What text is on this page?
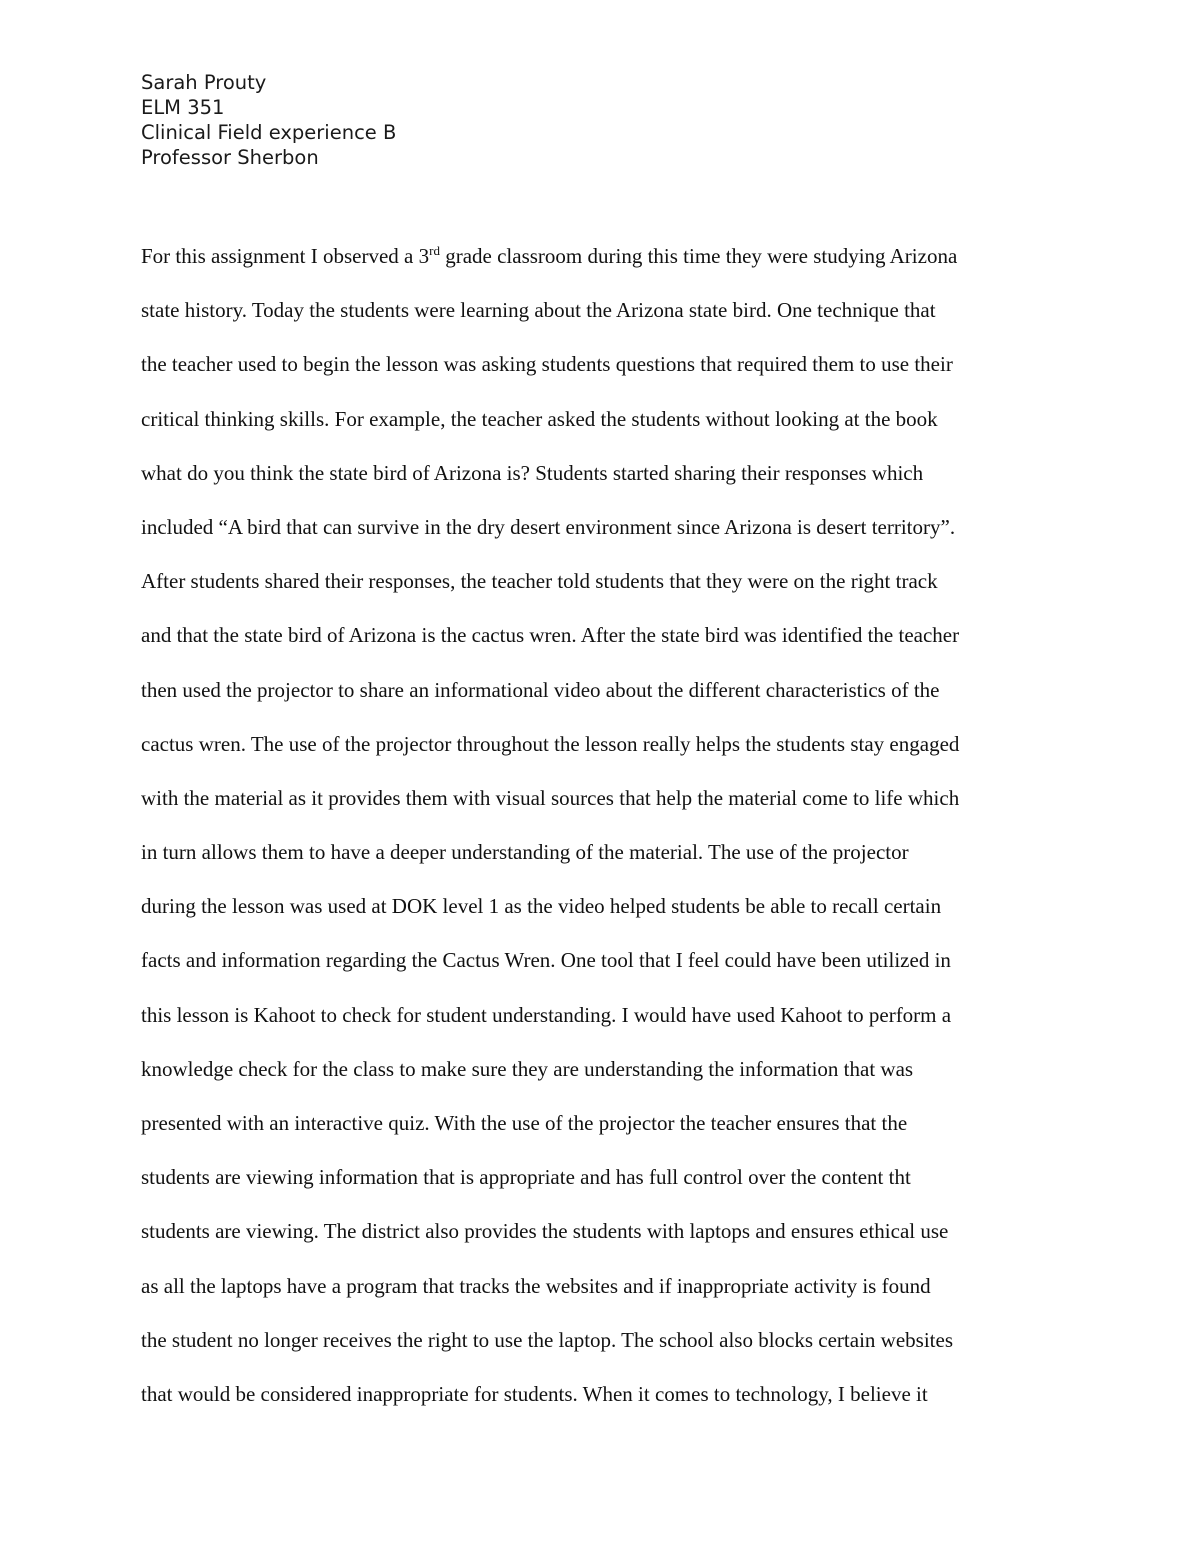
Sarah Prouty
ELM 351
Clinical Field experience B
Professor Sherbon
For this assignment I observed a 3rd grade classroom during this time they were studying Arizona
state history. Today the students were learning about the Arizona state bird. One technique that
the teacher used to begin the lesson was asking students questions that required them to use their
critical thinking skills. For example, the teacher asked the students without looking at the book
what do you think the state bird of Arizona is? Students started sharing their responses which
included “A bird that can survive in the dry desert environment since Arizona is desert territory”.
After students shared their responses, the teacher told students that they were on the right track
and that the state bird of Arizona is the cactus wren. After the state bird was identified the teacher
then used the projector to share an informational video about the different characteristics of the
cactus wren. The use of the projector throughout the lesson really helps the students stay engaged
with the material as it provides them with visual sources that help the material come to life which
in turn allows them to have a deeper understanding of the material. The use of the projector
during the lesson was used at DOK level 1 as the video helped students be able to recall certain
facts and information regarding the Cactus Wren. One tool that I feel could have been utilized in
this lesson is Kahoot to check for student understanding. I would have used Kahoot to perform a
knowledge check for the class to make sure they are understanding the information that was
presented with an interactive quiz. With the use of the projector the teacher ensures that the
students are viewing information that is appropriate and has full control over the content tht
students are viewing. The district also provides the students with laptops and ensures ethical use
as all the laptops have a program that tracks the websites and if inappropriate activity is found
the student no longer receives the right to use the laptop. The school also blocks certain websites
that would be considered inappropriate for students. When it comes to technology, I believe it
